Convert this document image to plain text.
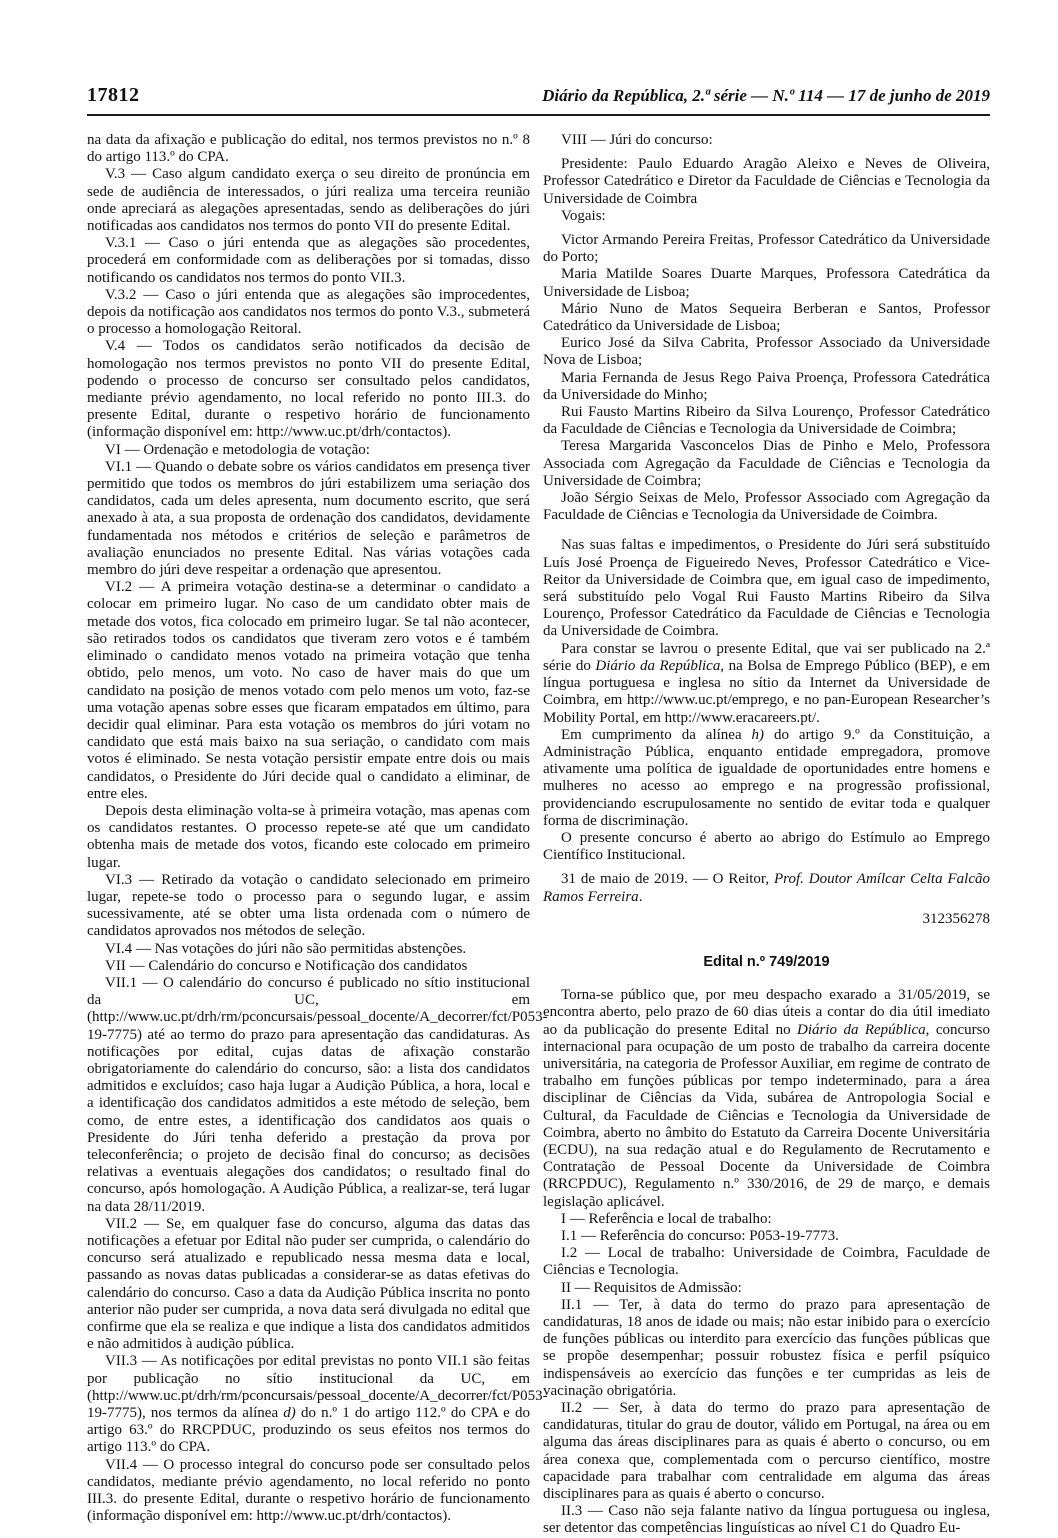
17812	Diário da República, 2.ª série — N.º 114 — 17 de junho de 2019

na data da afixação e publicação do edital, nos termos previstos no n.º 8 do artigo 113.º do CPA.

V.3 — Caso algum candidato exerça o seu direito de pronúncia em sede de audiência de interessados, o júri realiza uma terceira reunião onde apreciará as alegações apresentadas, sendo as deliberações do júri notificadas aos candidatos nos termos do ponto VII do presente Edital.

V.3.1 — Caso o júri entenda que as alegações são procedentes, procederá em conformidade com as deliberações por si tomadas, disso notificando os candidatos nos termos do ponto VII.3.

V.3.2 — Caso o júri entenda que as alegações são improcedentes, depois da notificação aos candidatos nos termos do ponto V.3., submeterá o processo a homologação Reitoral.

V.4 — Todos os candidatos serão notificados da decisão de homologação nos termos previstos no ponto VII do presente Edital, podendo o processo de concurso ser consultado pelos candidatos, mediante prévio agendamento, no local referido no ponto III.3. do presente Edital, durante o respetivo horário de funcionamento (informação disponível em: http://www.uc.pt/drh/contactos).

VI — Ordenação e metodologia de votação:

VI.1 — Quando o debate sobre os vários candidatos em presença tiver permitido que todos os membros do júri estabilizem uma seriação dos candidatos, cada um deles apresenta, num documento escrito, que será anexado à ata, a sua proposta de ordenação dos candidatos, devidamente fundamentada nos métodos e critérios de seleção e parâmetros de avaliação enunciados no presente Edital. Nas várias votações cada membro do júri deve respeitar a ordenação que apresentou.

VI.2 — A primeira votação destina-se a determinar o candidato a colocar em primeiro lugar. No caso de um candidato obter mais de metade dos votos, fica colocado em primeiro lugar. Se tal não acontecer, são retirados todos os candidatos que tiveram zero votos e é também eliminado o candidato menos votado na primeira votação que tenha obtido, pelo menos, um voto. No caso de haver mais do que um candidato na posição de menos votado com pelo menos um voto, faz-se uma votação apenas sobre esses que ficaram empatados em último, para decidir qual eliminar. Para esta votação os membros do júri votam no candidato que está mais baixo na sua seriação, o candidato com mais votos é eliminado. Se nesta votação persistir empate entre dois ou mais candidatos, o Presidente do Júri decide qual o candidato a eliminar, de entre eles.

Depois desta eliminação volta-se à primeira votação, mas apenas com os candidatos restantes. O processo repete-se até que um candidato obtenha mais de metade dos votos, ficando este colocado em primeiro lugar.

VI.3 — Retirado da votação o candidato selecionado em primeiro lugar, repete-se todo o processo para o segundo lugar, e assim sucessivamente, até se obter uma lista ordenada com o número de candidatos aprovados nos métodos de seleção.

VI.4 — Nas votações do júri não são permitidas abstenções.

VII — Calendário do concurso e Notificação dos candidatos

VII.1 — O calendário do concurso é publicado no sítio institucional da UC, em (http://www.uc.pt/drh/rm/pconcursais/pessoal_docente/A_decorrer/fct/P053-19-7775) até ao termo do prazo para apresentação das candidaturas. As notificações por edital, cujas datas de afixação constarão obrigatoriamente do calendário do concurso, são: a lista dos candidatos admitidos e excluídos; caso haja lugar a Audição Pública, a hora, local e a identificação dos candidatos admitidos a este método de seleção, bem como, de entre estes, a identificação dos candidatos aos quais o Presidente do Júri tenha deferido a prestação da prova por teleconferência; o projeto de decisão final do concurso; as decisões relativas a eventuais alegações dos candidatos; o resultado final do concurso, após homologação. A Audição Pública, a realizar-se, terá lugar na data 28/11/2019.

VII.2 — Se, em qualquer fase do concurso, alguma das datas das notificações a efetuar por Edital não puder ser cumprida, o calendário do concurso será atualizado e republicado nessa mesma data e local, passando as novas datas publicadas a considerar-se as datas efetivas do calendário do concurso. Caso a data da Audição Pública inscrita no ponto anterior não puder ser cumprida, a nova data será divulgada no edital que confirme que ela se realiza e que indique a lista dos candidatos admitidos e não admitidos à audição pública.

VII.3 — As notificações por edital previstas no ponto VII.1 são feitas por publicação no sítio institucional da UC, em (http://www.uc.pt/drh/rm/pconcursais/pessoal_docente/A_decorrer/fct/P053-19-7775), nos termos da alínea d) do n.º 1 do artigo 112.º do CPA e do artigo 63.º do RRCPDUC, produzindo os seus efeitos nos termos do artigo 113.º do CPA.

VII.4 — O processo integral do concurso pode ser consultado pelos candidatos, mediante prévio agendamento, no local referido no ponto III.3. do presente Edital, durante o respetivo horário de funcionamento (informação disponível em: http://www.uc.pt/drh/contactos).

VIII — Júri do concurso:

Presidente: Paulo Eduardo Aragão Aleixo e Neves de Oliveira, Professor Catedrático e Diretor da Faculdade de Ciências e Tecnologia da Universidade de Coimbra

Vogais:

Victor Armando Pereira Freitas, Professor Catedrático da Universidade do Porto;

Maria Matilde Soares Duarte Marques, Professora Catedrática da Universidade de Lisboa;

Mário Nuno de Matos Sequeira Berberan e Santos, Professor Catedrático da Universidade de Lisboa;

Eurico José da Silva Cabrita, Professor Associado da Universidade Nova de Lisboa;

Maria Fernanda de Jesus Rego Paiva Proença, Professora Catedrática da Universidade do Minho;

Rui Fausto Martins Ribeiro da Silva Lourenço, Professor Catedrático da Faculdade de Ciências e Tecnologia da Universidade de Coimbra;

Teresa Margarida Vasconcelos Dias de Pinho e Melo, Professora Associada com Agregação da Faculdade de Ciências e Tecnologia da Universidade de Coimbra;

João Sérgio Seixas de Melo, Professor Associado com Agregação da Faculdade de Ciências e Tecnologia da Universidade de Coimbra.

Nas suas faltas e impedimentos, o Presidente do Júri será substituído Luís José Proença de Figueiredo Neves, Professor Catedrático e Vice-Reitor da Universidade de Coimbra que, em igual caso de impedimento, será substituído pelo Vogal Rui Fausto Martins Ribeiro da Silva Lourenço, Professor Catedrático da Faculdade de Ciências e Tecnologia da Universidade de Coimbra.

Para constar se lavrou o presente Edital, que vai ser publicado na 2.ª série do Diário da República, na Bolsa de Emprego Público (BEP), e em língua portuguesa e inglesa no sítio da Internet da Universidade de Coimbra, em http://www.uc.pt/emprego, e no pan-European Researcher’s Mobility Portal, em http://www.eracareers.pt/.

Em cumprimento da alínea h) do artigo 9.º da Constituição, a Administração Pública, enquanto entidade empregadora, promove ativamente uma política de igualdade de oportunidades entre homens e mulheres no acesso ao emprego e na progressão profissional, providenciando escrupulosamente no sentido de evitar toda e qualquer forma de discriminação.

O presente concurso é aberto ao abrigo do Estímulo ao Emprego Científico Institucional.

31 de maio de 2019. — O Reitor, Prof. Doutor Amílcar Celta Falcão Ramos Ferreira.

312356278

Edital n.º 749/2019

Torna-se público que, por meu despacho exarado a 31/05/2019, se encontra aberto, pelo prazo de 60 dias úteis a contar do dia útil imediato ao da publicação do presente Edital no Diário da República, concurso internacional para ocupação de um posto de trabalho da carreira docente universitária, na categoria de Professor Auxiliar, em regime de contrato de trabalho em funções públicas por tempo indeterminado, para a área disciplinar de Ciências da Vida, subárea de Antropologia Social e Cultural, da Faculdade de Ciências e Tecnologia da Universidade de Coimbra, aberto no âmbito do Estatuto da Carreira Docente Universitária (ECDU), na sua redação atual e do Regulamento de Recrutamento e Contratação de Pessoal Docente da Universidade de Coimbra (RRCPDUC), Regulamento n.º 330/2016, de 29 de março, e demais legislação aplicável.

I — Referência e local de trabalho:

I.1 — Referência do concurso: P053-19-7773.

I.2 — Local de trabalho: Universidade de Coimbra, Faculdade de Ciências e Tecnologia.

II — Requisitos de Admissão:

II.1 — Ter, à data do termo do prazo para apresentação de candidaturas, 18 anos de idade ou mais; não estar inibido para o exercício de funções públicas ou interdito para exercício das funções públicas que se propõe desempenhar; possuir robustez física e perfil psíquico indispensáveis ao exercício das funções e ter cumpridas as leis de vacinação obrigatória.

II.2 — Ser, à data do termo do prazo para apresentação de candidaturas, titular do grau de doutor, válido em Portugal, na área ou em alguma das áreas disciplinares para as quais é aberto o concurso, ou em área conexa que, complementada com o percurso científico, mostre capacidade para trabalhar com centralidade em alguma das áreas disciplinares para as quais é aberto o concurso.

II.3 — Caso não seja falante nativo da língua portuguesa ou inglesa, ser detentor das competências linguísticas ao nível C1 do Quadro Eu-
